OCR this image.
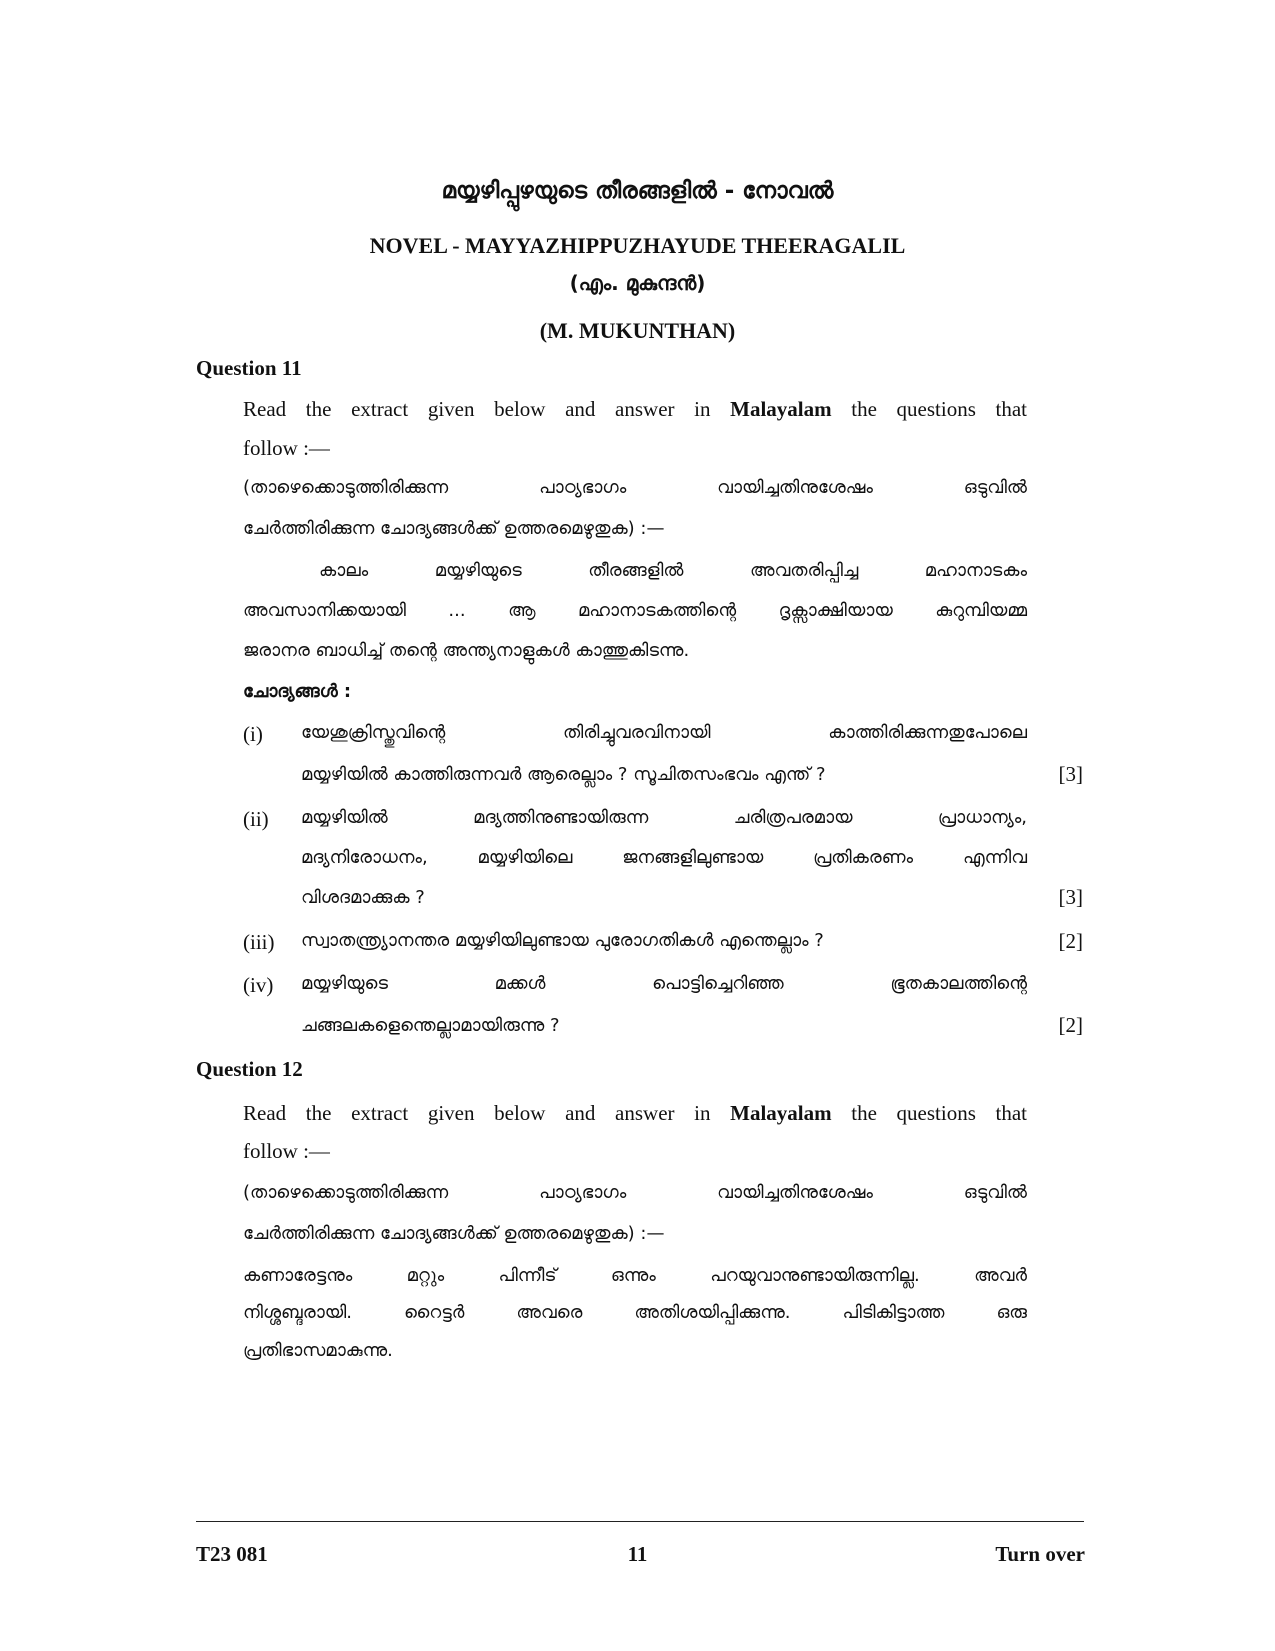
മയ്യഴിപ്പുഴയുടെ തീരങ്ങളിൽ - നോവൽ
NOVEL - MAYYAZHIPPUZHAYUDE THEERAGALIL
(എം. മുകുന്ദൻ)
(M. MUKUNTHAN)
Question 11
Read the extract given below and answer in Malayalam the questions that
follow :—
(താഴെക്കൊടുത്തിരിക്കുന്ന പാഠ്യഭാഗം വായിച്ചതിനുശേഷം ഒടുവിൽ
ചേർത്തിരിക്കുന്ന ചോദ്യങ്ങൾക്ക് ഉത്തരമെഴുതുക) :—
കാലം മയ്യഴിയുടെ തീരങ്ങളിൽ അവതരിപ്പിച്ച മഹാനാടകം
അവസാനിക്കയായി ... ആ മഹാനാടകത്തിന്റെ ദൃക്സാക്ഷിയായ കുറുമ്പിയമ്മ
ജരാനര ബാധിച്ച് തന്റെ അന്ത്യനാളുകൾ കാത്തുകിടന്നു.
ചോദ്യങ്ങൾ :
(i) യേശുക്രിസ്തുവിന്റെ തിരിച്ചുവരവിനായി കാത്തിരിക്കുന്നതുപോലെ
മയ്യഴിയിൽ കാത്തിരുന്നവർ ആരെല്ലാം ? സൂചിതസംഭവം എന്ത് ?	[3]
(ii) മയ്യഴിയിൽ മദ്യത്തിനുണ്ടായിരുന്ന ചരിത്രപരമായ പ്രാധാന്യം,
മദ്യനിരോധനം, മയ്യഴിയിലെ ജനങ്ങളിലുണ്ടായ പ്രതികരണം എന്നിവ
വിശദമാക്കുക ?	[3]
(iii) സ്വാതന്ത്ര്യാനന്തര മയ്യഴിയിലുണ്ടായ പുരോഗതികൾ എന്തെല്ലാം ?	[2]
(iv) മയ്യഴിയുടെ മക്കൾ പൊട്ടിച്ചെറിഞ്ഞ ഭൂതകാലത്തിന്റെ
ചങ്ങലകളെന്തെല്ലാമായിരുന്നു ?	[2]
Question 12
Read the extract given below and answer in Malayalam the questions that
follow :—
(താഴെക്കൊടുത്തിരിക്കുന്ന പാഠ്യഭാഗം വായിച്ചതിനുശേഷം ഒടുവിൽ
ചേർത്തിരിക്കുന്ന ചോദ്യങ്ങൾക്ക് ഉത്തരമെഴുതുക) :—
കണാരേട്ടനും മറ്റും പിന്നീട് ഒന്നും പറയുവാനുണ്ടായിരുന്നില്ല. അവർ
നിശ്ശബ്ദരായി. റൈട്ടർ അവരെ അതിശയിപ്പിക്കുന്നു. പിടികിട്ടാത്ത ഒരു
പ്രതിഭാസമാകുന്നു.
T23 081	11	Turn over
